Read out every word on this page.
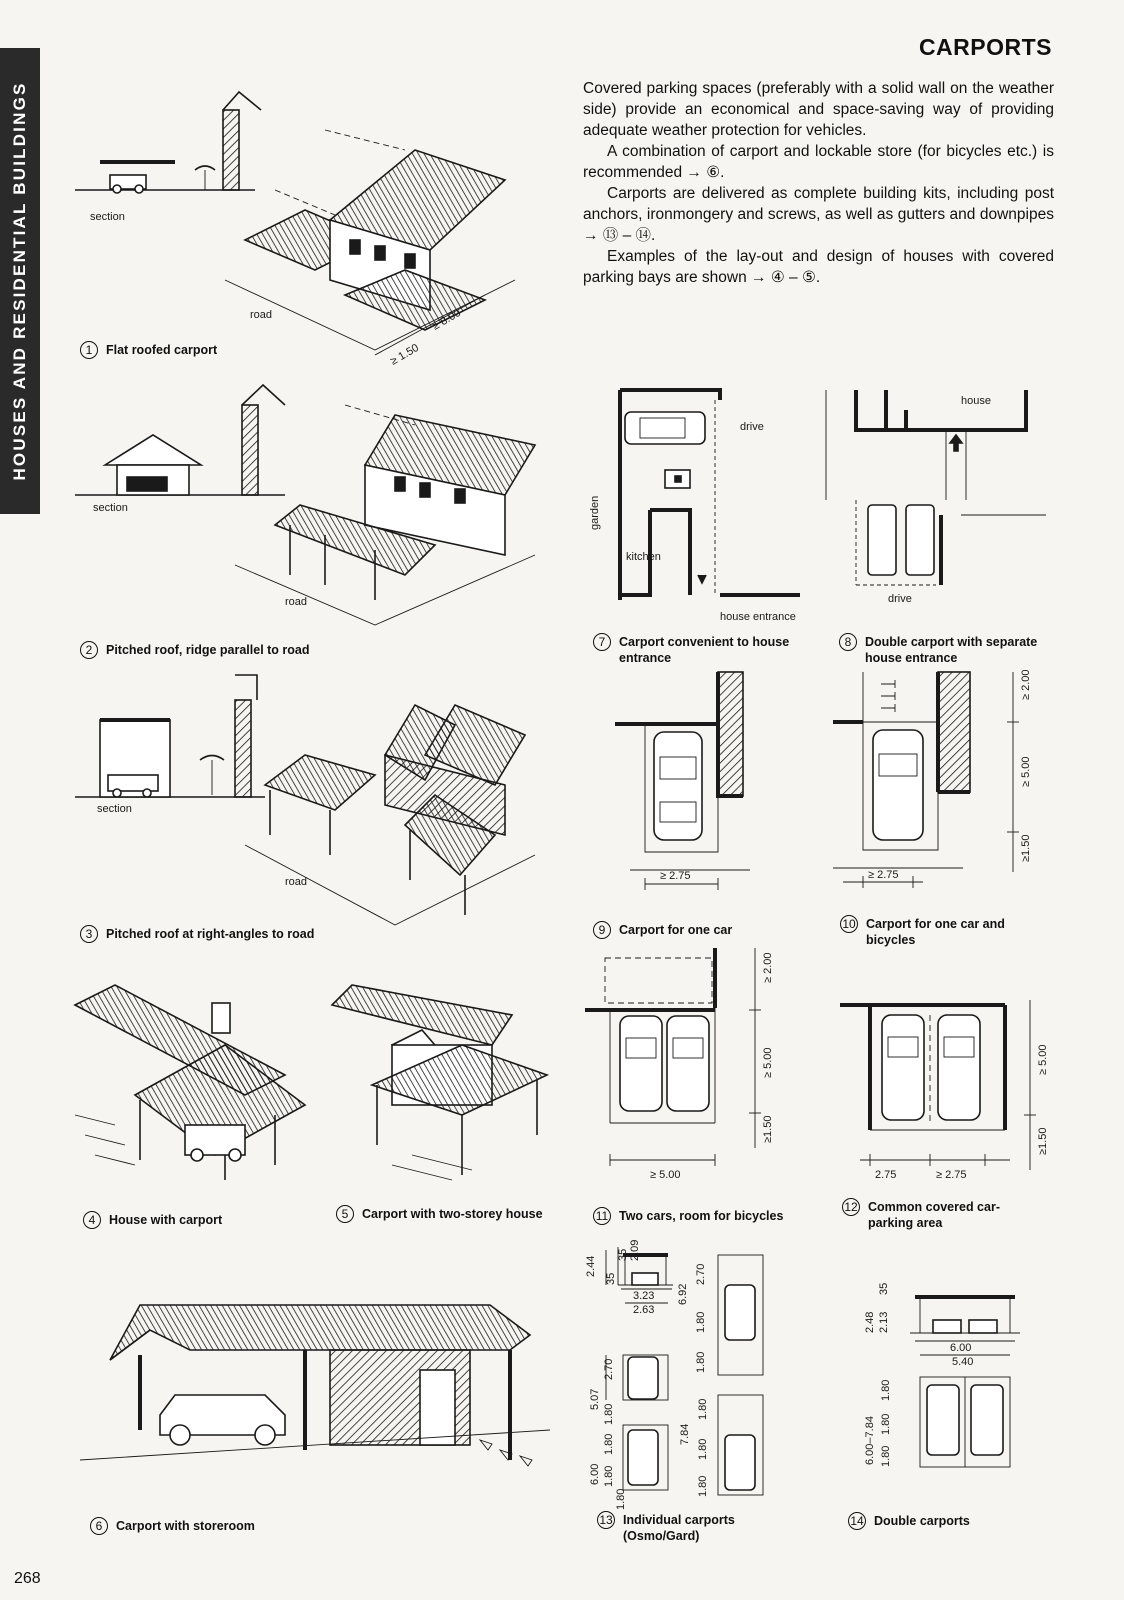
HOUSES AND RESIDENTIAL BUILDINGS
CARPORTS

Covered parking spaces (preferably with a solid wall on the weather side) provide an economical and space-saving way of providing adequate weather protection for vehicles.

A combination of carport and lockable store (for bicycles etc.) is recommended → ⑥.

Carports are delivered as complete building kits, including post anchors, ironmongery and screws, as well as gutters and downpipes → ⑬ – ⑭.

Examples of the lay-out and design of houses with covered parking bays are shown → ④ – ⑤.

section
road	≥ 8.00
≥ 1.50
1	Flat roofed carport
section
road
2	Pitched roof, ridge parallel to road
section
road
3	Pitched roof at right-angles to road
4	House with carport	5	Carport with two-storey house
6	Carport with storeroom
drive
garden
kitchen
house entrance
7	Carport convenient to house entrance
house
drive
8	Double carport with separate house entrance
≥ 2.75
9	Carport for one car
≥ 2.00
≥ 5.00
≥1.50
≥ 2.75
10 Carport for one car and bicycles
≥ 2.00
≥ 5.00
≥1.50
≥ 5.00
11 Two cars, room for bicycles
≥ 5.00
≥1.50
2.75	≥ 2.75
12 Common covered car-parking area
2.44
35
35 2.09
3.23
2.63
5.07
2.70
1.80
6.00
1.80
1.80
1.80
6.92
2.70
1.80
1.80
7.84
1.80
1.80
1.80
13 Individual carports (Osmo/Gard)
35
2.48 2.13
6.00
5.40
6.00–7.84
1.80
1.80
1.80
14 Double carports
268
